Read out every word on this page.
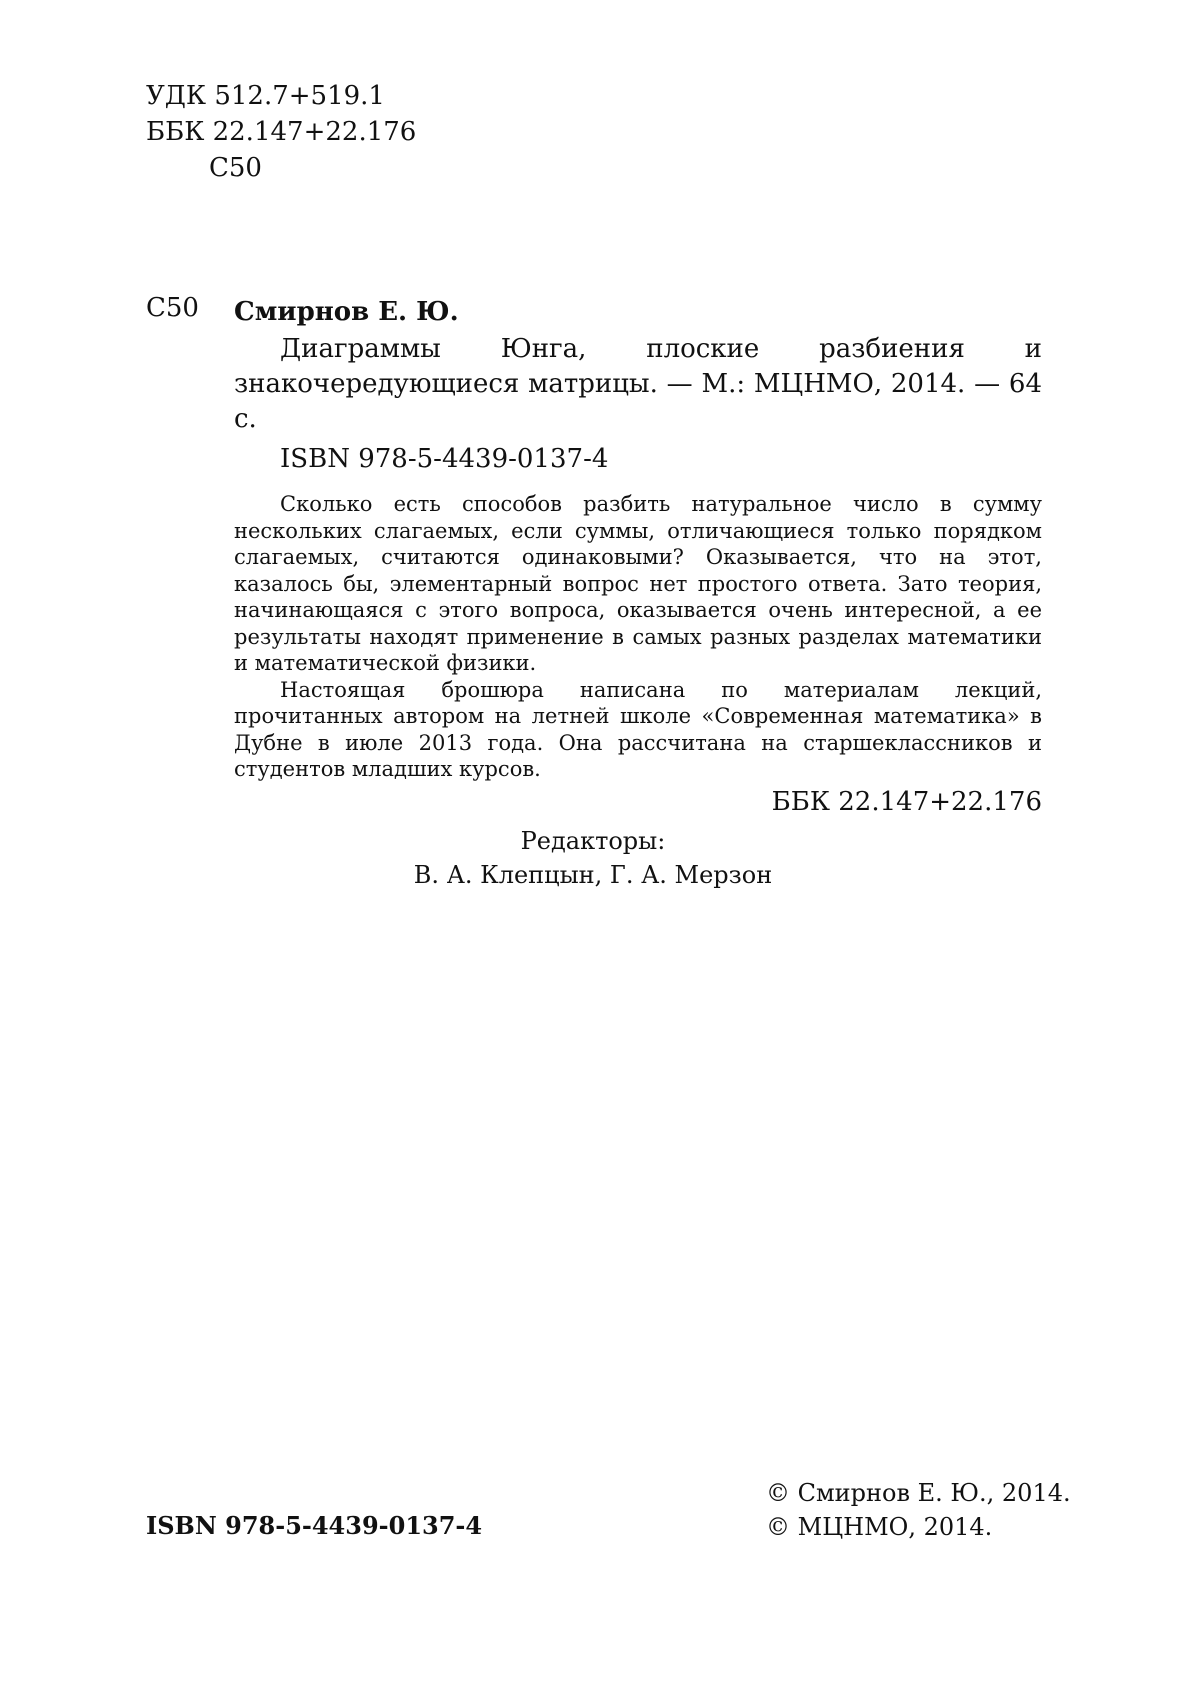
УДК 512.7+519.1
ББК 22.147+22.176
С50
С50 Смирнов Е. Ю.
Диаграммы Юнга, плоские разбиения и знакочередующиеся матрицы. — М.: МЦНМО, 2014. — 64 с.
ISBN 978-5-4439-0137-4

Сколько есть способов разбить натуральное число в сумму нескольких слагаемых, если суммы, отличающиеся только порядком слагаемых, считаются одинаковыми? Оказывается, что на этот, казалось бы, элементарный вопрос нет простого ответа. Зато теория, начинающаяся с этого вопроса, оказывается очень интересной, а ее результаты находят применение в самых разных разделах математики и математической физики.

Настоящая брошюра написана по материалам лекций, прочитанных автором на летней школе «Современная математика» в Дубне в июле 2013 года. Она рассчитана на старшеклассников и студентов младших курсов.

ББК 22.147+22.176
Редакторы:
В. А. Клепцын, Г. А. Мерзон
ISBN 978-5-4439-0137-4
© Смирнов Е. Ю., 2014.
© МЦНМО, 2014.
